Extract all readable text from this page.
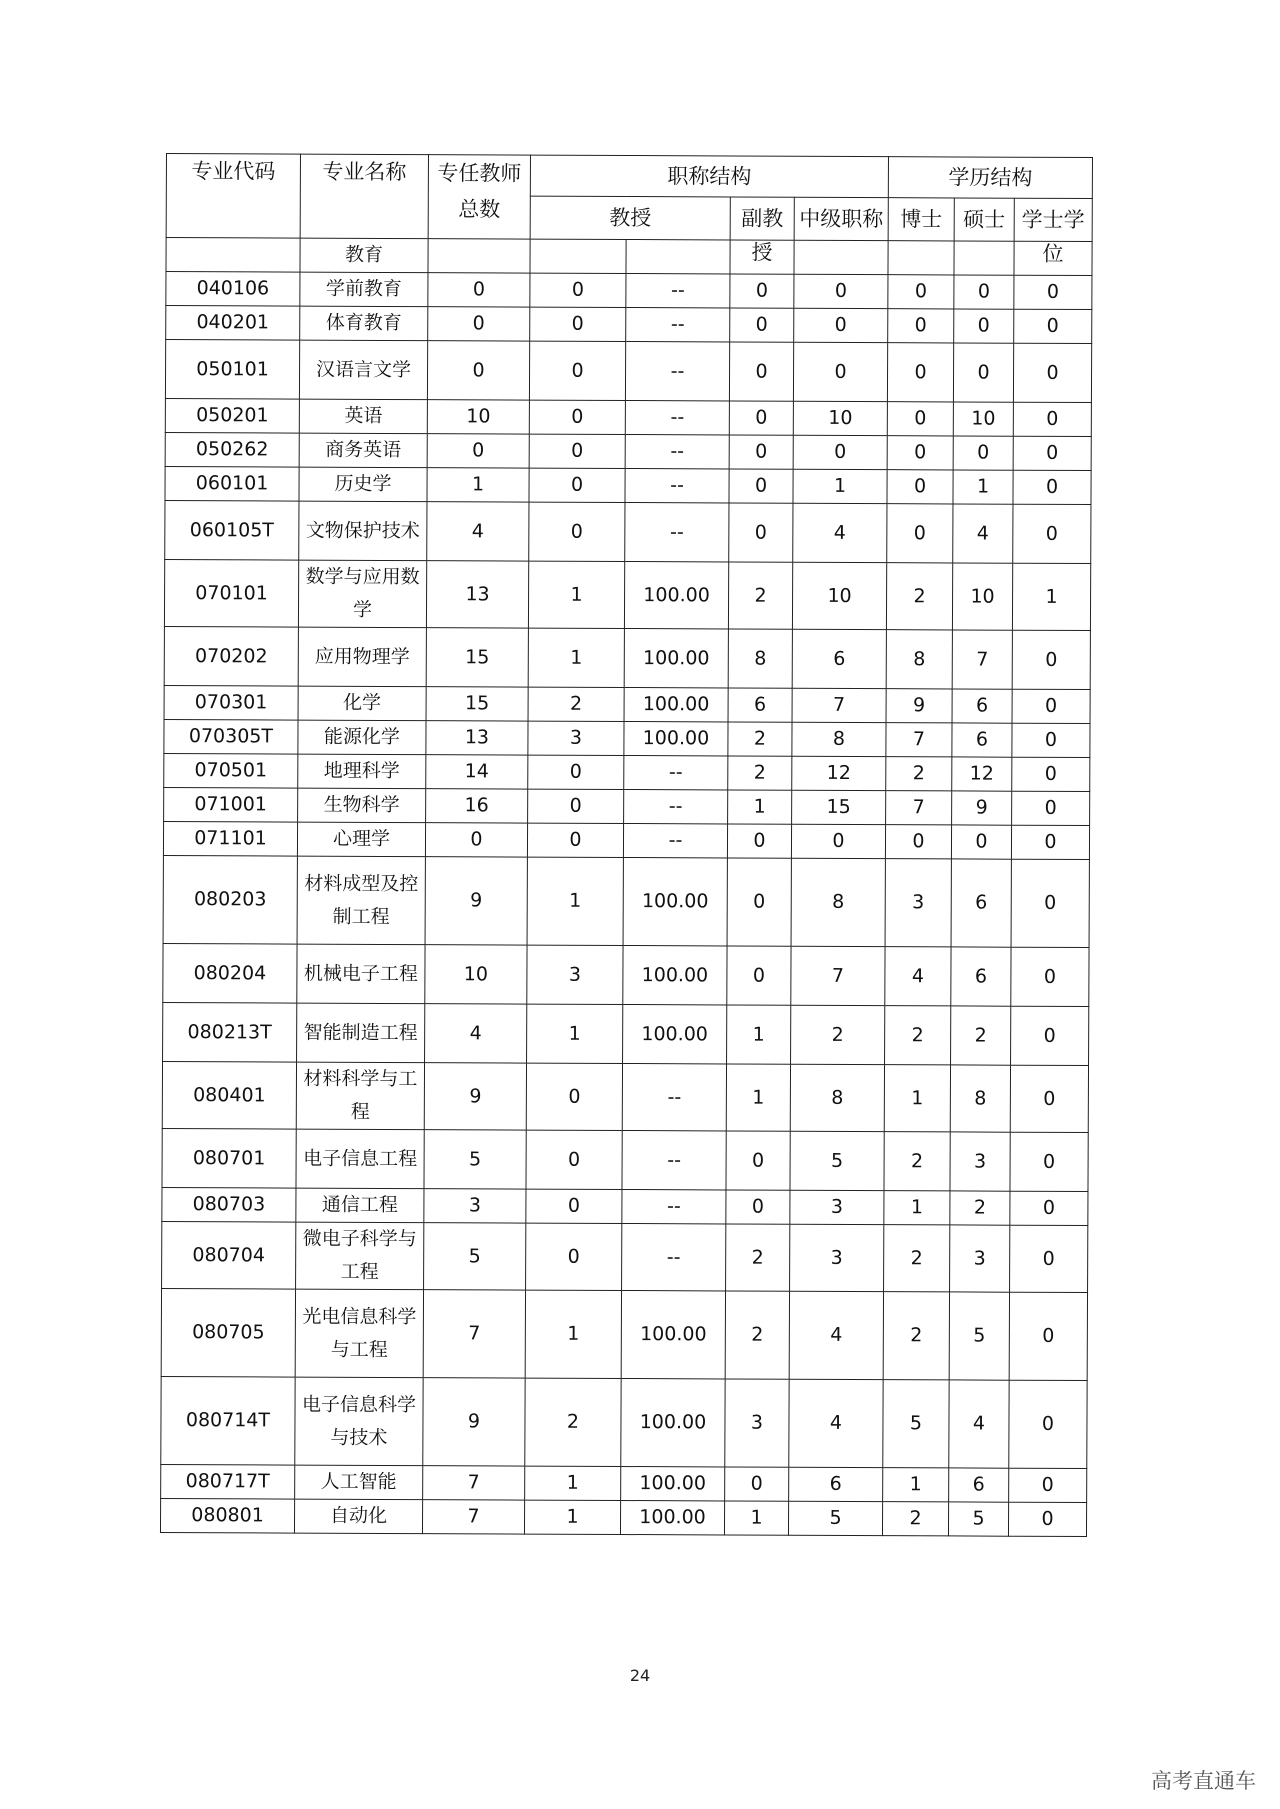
专业代码	专业名称	专任教师总数	职称结构				学历结构		

			教授		副教授	中级职称	博士	硕士	学士学位

	教育								
040106	学前教育	0	0	--	0	0	0	0	0
040201	体育教育	0	0	--	0	0	0	0	0
050101	汉语言文学	0	0	--	0	0	0	0	0
050201	英语	10	0	--	0	10	0	10	0
050262	商务英语	0	0	--	0	0	0	0	0
060101	历史学	1	0	--	0	1	0	1	0
060105T	文物保护技术	4	0	--	0	4	0	4	0
070101	数学与应用数学	13	1	100.00	2	10	2	10	1
070202	应用物理学	15	1	100.00	8	6	8	7	0
070301	化学	15	2	100.00	6	7	9	6	0
070305T	能源化学	13	3	100.00	2	8	7	6	0
070501	地理科学	14	0	--	2	12	2	12	0
071001	生物科学	16	0	--	1	15	7	9	0
071101	心理学	0	0	--	0	0	0	0	0
080203	材料成型及控制工程	9	1	100.00	0	8	3	6	0
080204	机械电子工程	10	3	100.00	0	7	4	6	0
080213T	智能制造工程	4	1	100.00	1	2	2	2	0
080401	材料科学与工程	9	0	--	1	8	1	8	0
080701	电子信息工程	5	0	--	0	5	2	3	0
080703	通信工程	3	0	--	0	3	1	2	0
080704	微电子科学与工程	5	0	--	2	3	2	3	0
080705	光电信息科学与工程	7	1	100.00	2	4	2	5	0
080714T	电子信息科学与技术	9	2	100.00	3	4	5	4	0
080717T	人工智能	7	1	100.00	0	6	1	6	0
080801	自动化	7	1	100.00	1	5	2	5	0
24
高考直通车
